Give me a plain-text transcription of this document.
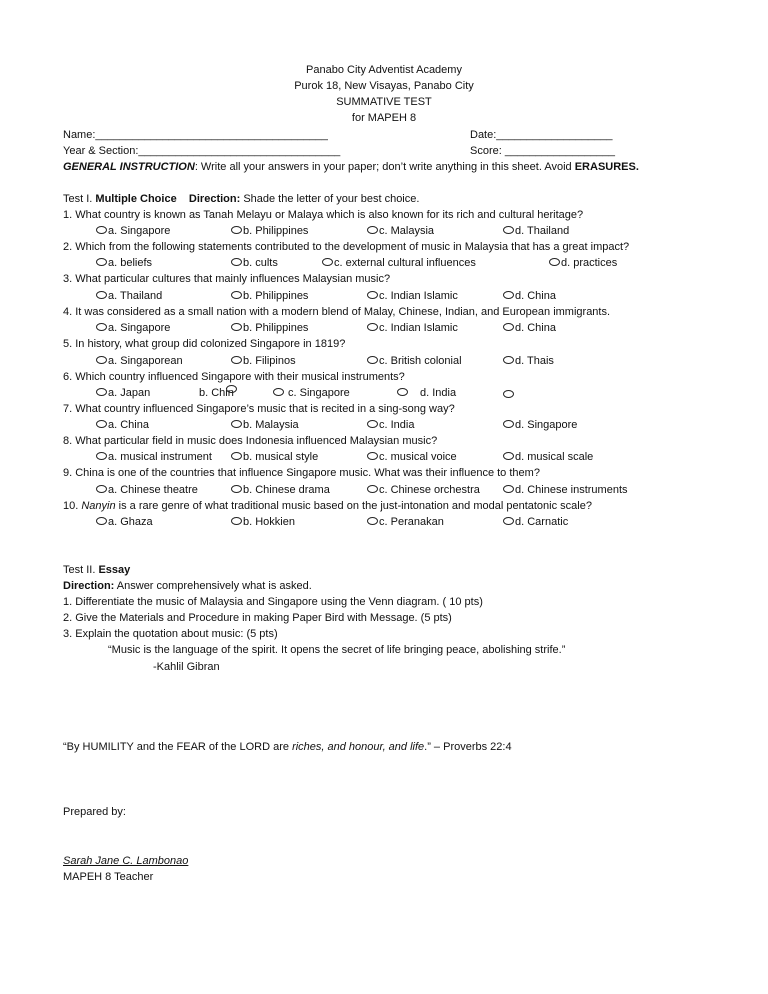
Panabo City Adventist Academy
Purok 18, New Visayas, Panabo City
SUMMATIVE TEST
for MAPEH 8
Name:______________________________________	Date:___________________
Year & Section:_________________________________	Score: __________________
GENERAL INSTRUCTION: Write all your answers in your paper; don’t write anything in this sheet. Avoid ERASURES.
Test I. Multiple Choice Direction: Shade the letter of your best choice.
1. What country is known as Tanah Melayu or Malaya which is also known for its rich and cultural heritage?
a. Singapore	b. Philippines	c. Malaysia	d. Thailand
2. Which from the following statements contributed to the development of music in Malaysia that has a great impact?
a. beliefs	b. cults	c. external cultural influences	d. practices
3. What particular cultures that mainly influences Malaysian music?
a. Thailand	b. Philippines	c. Indian Islamic	d. China
4. It was considered as a small nation with a modern blend of Malay, Chinese, Indian, and European immigrants.
a. Singapore	b. Philippines	c. Indian Islamic	d. China
5. In history, what group did colonized Singapore in 1819?
a. Singaporean	b. Filipinos	c. British colonial	d. Thais
6. Which country influenced Singapore with their musical instruments?
a. Japan	b. Chin	c. Singapore	d. India
7. What country influenced Singapore’s music that is recited in a sing-song way?
a. China	b. Malaysia	c. India	d. Singapore
8. What particular field in music does Indonesia influenced Malaysian music?
a. musical instrument	b. musical style	c. musical voice	d. musical scale
9. China is one of the countries that influence Singapore music. What was their influence to them?
a. Chinese theatre	b. Chinese drama	c. Chinese orchestra	d. Chinese instruments
10. Nanyin is a rare genre of what traditional music based on the just-intonation and modal pentatonic scale?
a. Ghaza	b. Hokkien	c. Peranakan	d. Carnatic
Test II. Essay
Direction: Answer comprehensively what is asked.
1. Differentiate the music of Malaysia and Singapore using the Venn diagram. ( 10 pts)
2. Give the Materials and Procedure in making Paper Bird with Message. (5 pts)
3. Explain the quotation about music: (5 pts)
“Music is the language of the spirit. It opens the secret of life bringing peace, abolishing strife.”
-Kahlil Gibran
“By HUMILITY and the FEAR of the LORD are riches, and honour, and life.” – Proverbs 22:4
Prepared by:
Sarah Jane C. Lambonao
MAPEH 8 Teacher
